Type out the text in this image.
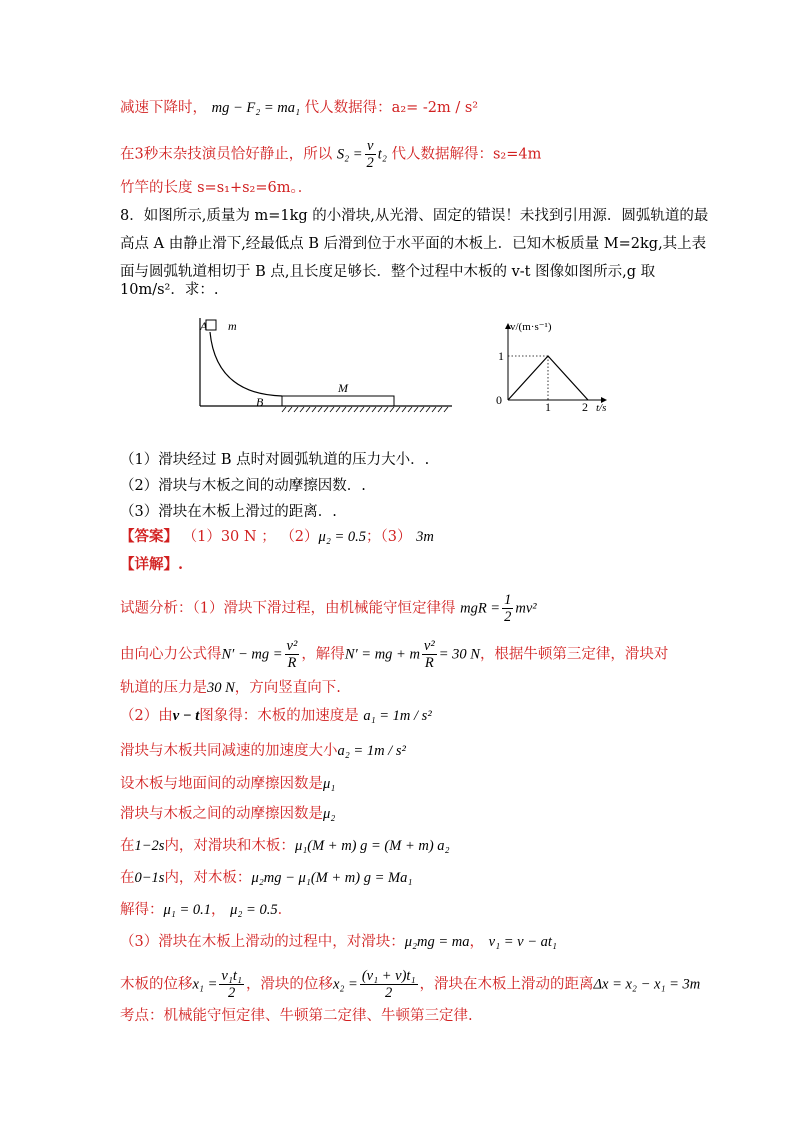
减速下降时， mg − F₂ = ma₁ 代人数据得：a₂= -2m / s²
在3秒末杂技演员恰好静止，所以 $S_2 = \frac{v}{2} t_2$ 代人数据解得：s₂=4m
竹竿的长度 s=s₁+s₂=6m。．
8．如图所示,质量为 m=1kg 的小滑块,从光滑、固定的错误！未找到引用源．圆弧轨道的最
高点 A 由静止滑下,经最低点 B 后滑到位于水平面的木板上．已知木板质量 M=2kg,其上表
面与圆弧轨道相切于 B 点,且长度足够长．整个过程中木板的 v-t 图像如图所示,g 取
10m/s²．求：.
A m
B
M
v/(m·s⁻¹)
t/s
0
1
1	2
（1）滑块经过 B 点时对圆弧轨道的压力大小．.
（2）滑块与木板之间的动摩擦因数．.
（3）滑块在木板上滑过的距离．.
【答案】 （1）30 N ； （2）μ₂ = 0.5；（3） 3m
【详解】.
试题分析：（1）滑块下滑过程，由机械能守恒定律得 mgR = $\frac{1}{2} mv^2$
由向心力公式得N′ − mg = $\frac{\text{v²}}{R}$ ，解得N′ = mg + m $\frac{\text{v²}}{R} = 30$ N，根据牛顿第三定律，滑块对
轨道的压力是30 N，方向竖直向下.
（2）由v − t图象得：木板的加速度是 a₁ = 1m / s²
滑块与木板共同减速的加速度大小a₂ = 1m / s²
设木板与地面间的动摩擦因数是μ₁
滑块与木板之间的动摩擦因数是μ₂
在1−2s内，对滑块和木板：μ₁(M + m) g = (M + m) a₂
在0−1s内，对木板：μ₂mg − μ₁(M + m) g = Ma₁
解得：μ₁ = 0.1， μ₂ = 0.5．
（3）滑块在木板上滑动的过程中，对滑块：μ₂mg = ma， v₁ = v − at₁
木板的位移$x_1 = \frac{\text{v₁t₁}}{2}$ ，滑块的位移$x_2 = \frac{\text{(v₁ + v)t₁}}{2}$ ，滑块在木板上滑动的距离Δx = x₂ − x₁ = 3m
考点：机械能守恒定律、牛顿第二定律、牛顿第三定律.
